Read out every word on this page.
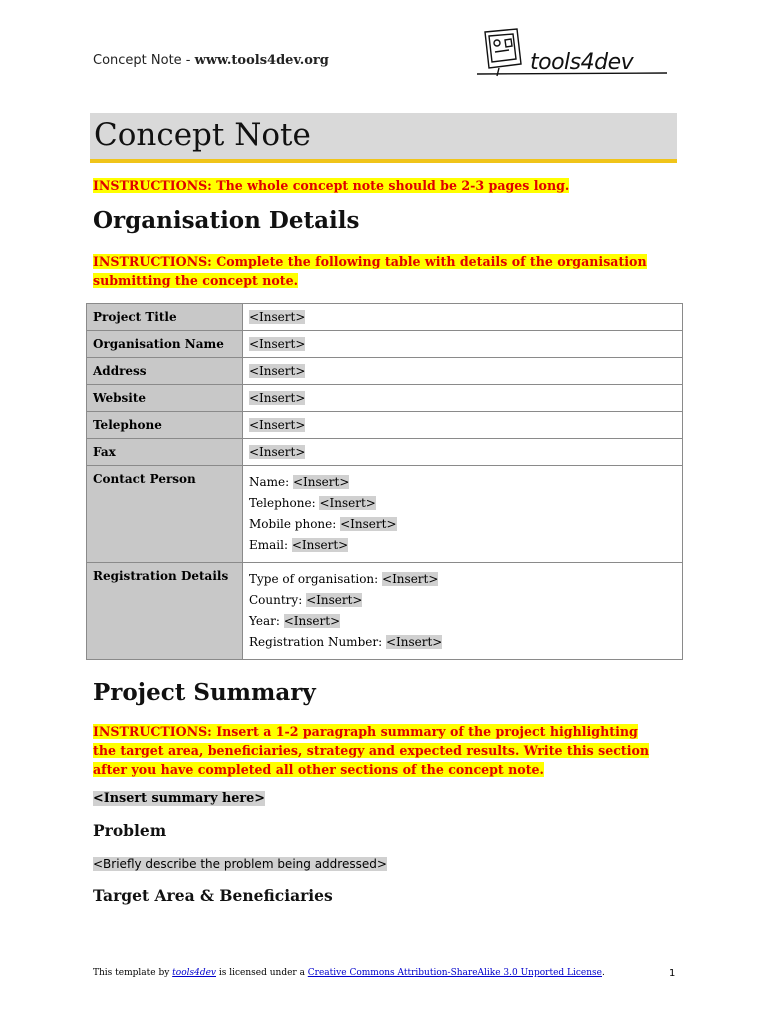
Concept Note - www.tools4dev.org	tools4dev
Concept Note
INSTRUCTIONS: The whole concept note should be 2-3 pages long.
Organisation Details
INSTRUCTIONS: Complete the following table with details of the organisation
submitting the concept note.
Project Title	<Insert>
Organisation Name	<Insert>
Address	<Insert>
Website	<Insert>
Telephone	<Insert>
Fax	<Insert>
Contact Person	Name: <Insert>
Telephone: <Insert>
Mobile phone: <Insert>
Email: <Insert>

Registration Details	Type of organisation: <Insert>
Country: <Insert>
Year: <Insert>
Registration Number: <Insert>
Project Summary
INSTRUCTIONS: Insert a 1-2 paragraph summary of the project highlighting
the target area, beneficiaries, strategy and expected results. Write this section
after you have completed all other sections of the concept note.
<Insert summary here>
Problem
<Briefly describe the problem being addressed>
Target Area & Beneficiaries
This template by tools4dev is licensed under a Creative Commons Attribution-ShareAlike 3.0 Unported License.	1
